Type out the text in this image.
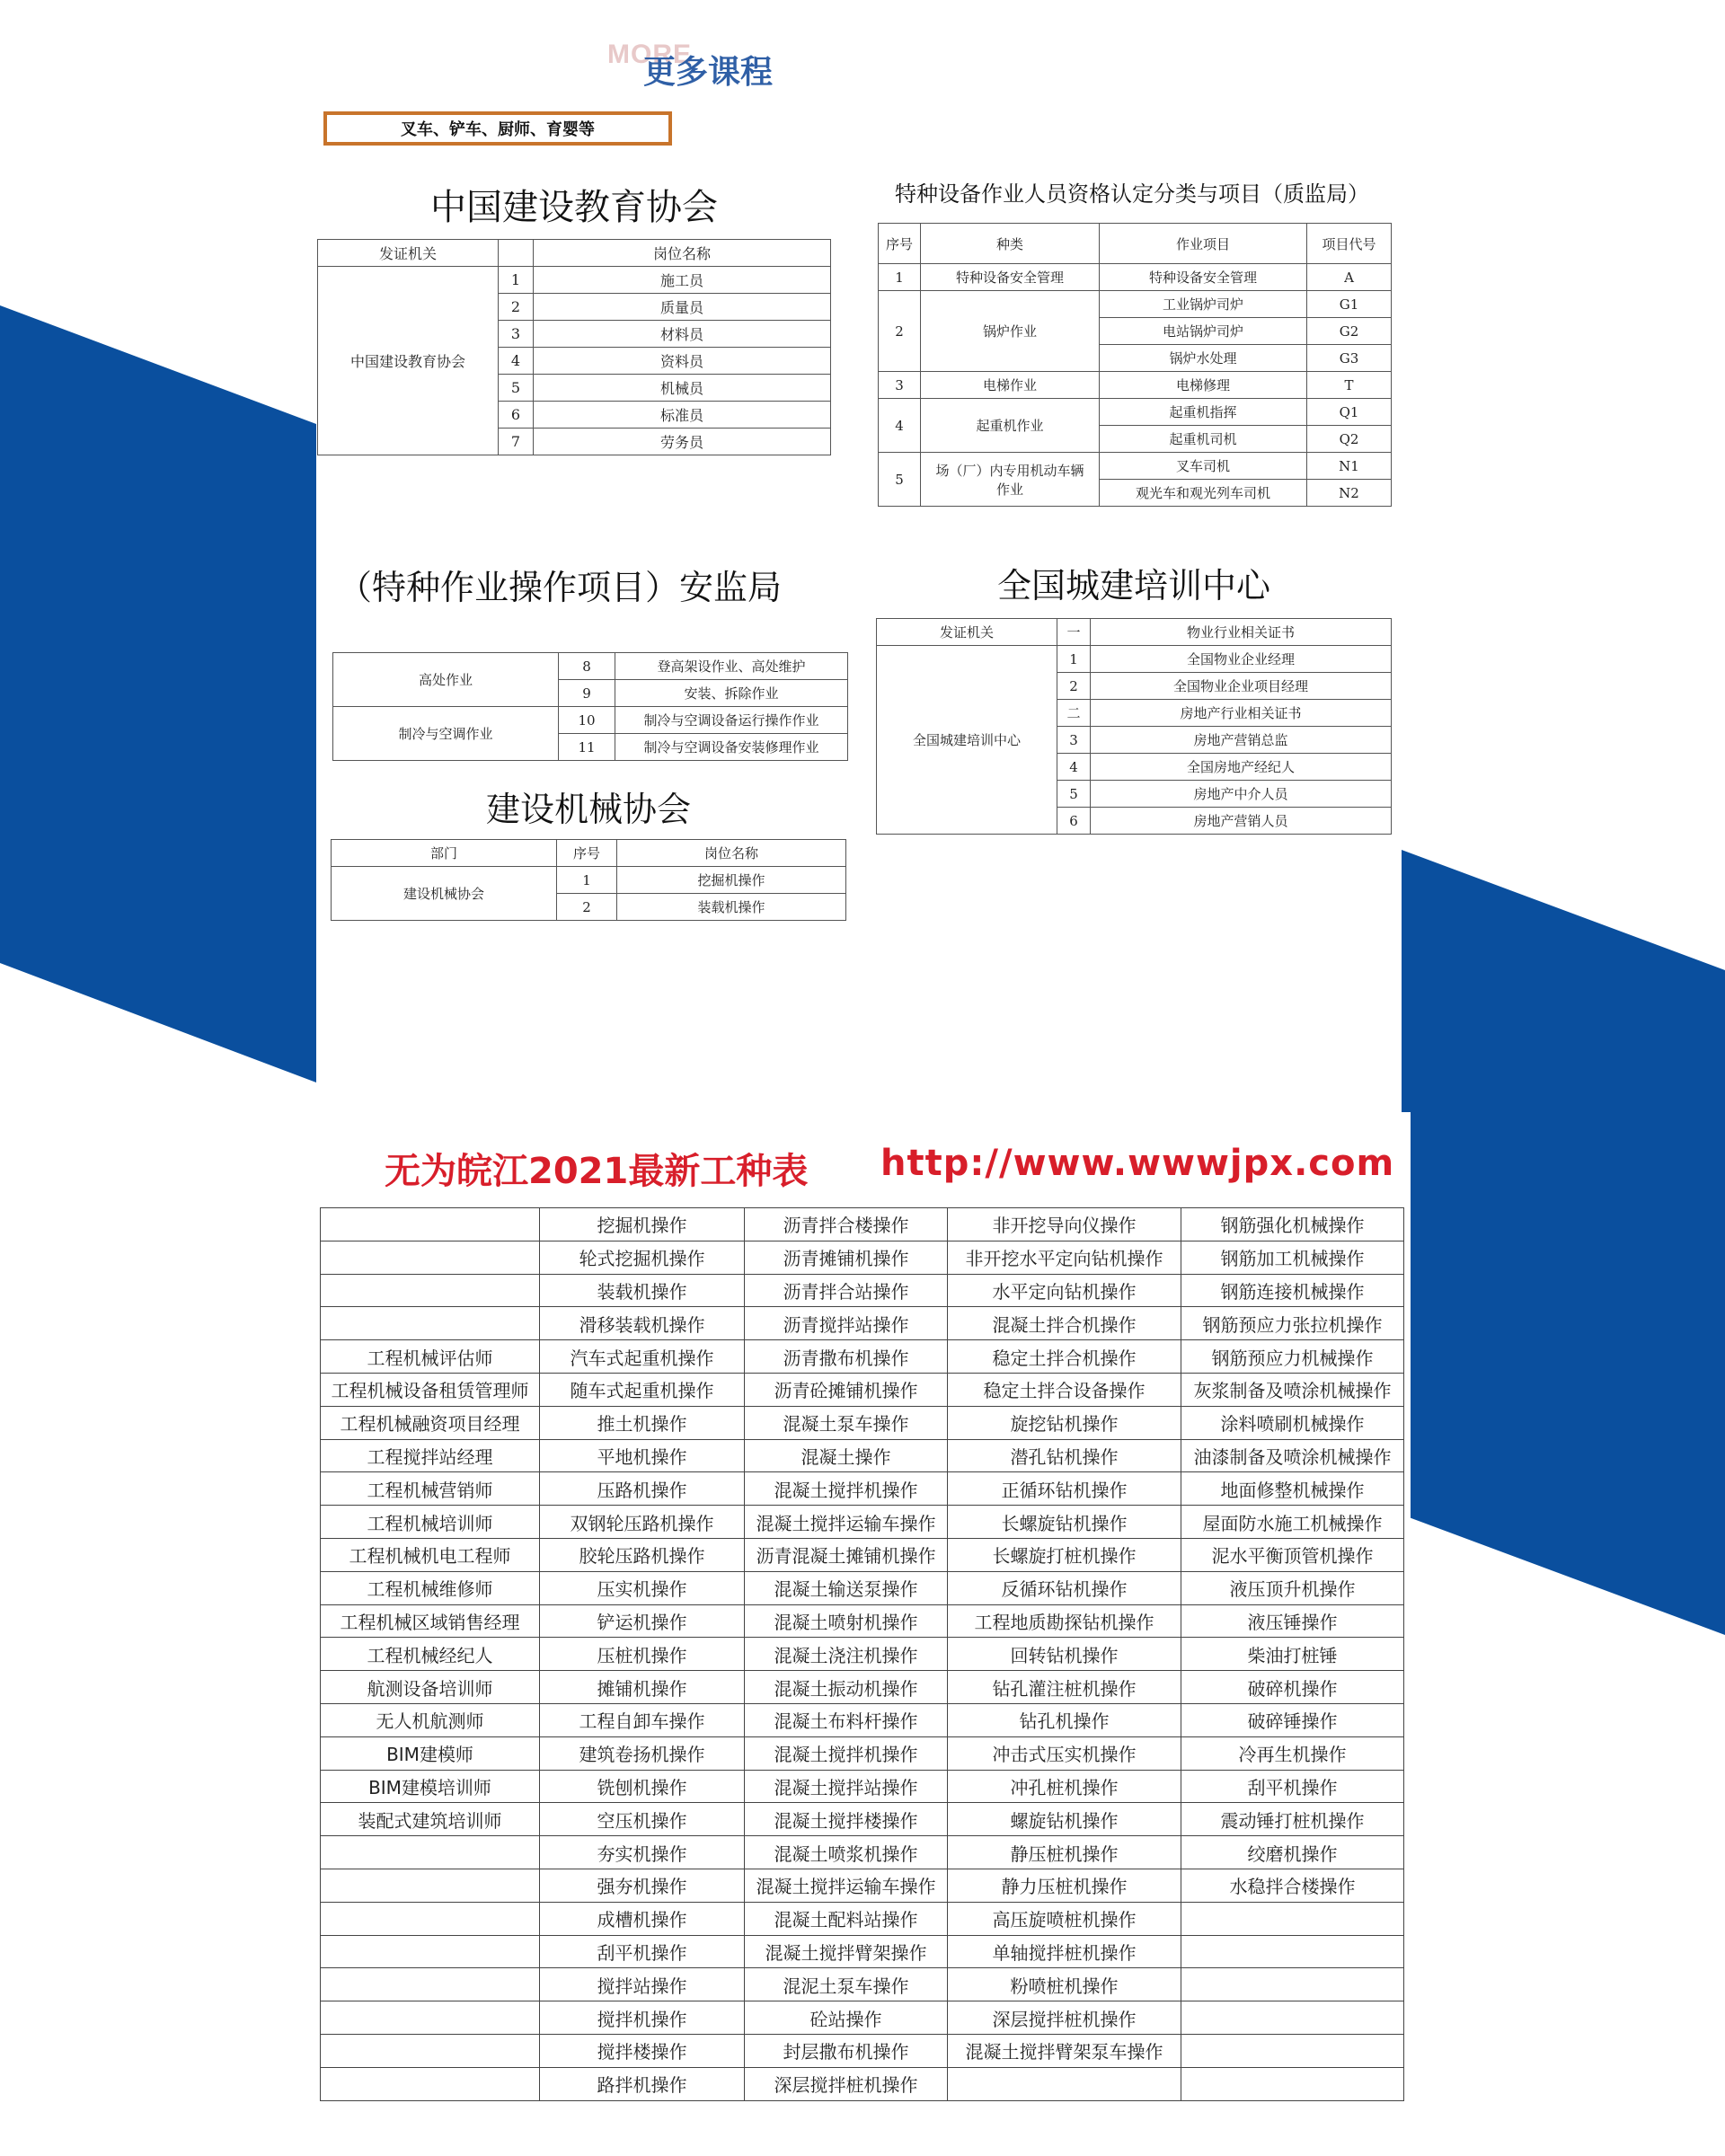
MORE
更多课程
叉车、铲车、厨师、育婴等
中国建设教育协会
发证机关		岗位名称
中国建设教育协会	1	施工员
	2	质量员
	3	材料员
	4	资料员
	5	机械员
	6	标准员
	7	劳务员
特种设备作业人员资格认定分类与项目（质监局）
序号	种类	作业项目	项目代号
1	特种设备安全管理	特种设备安全管理	A
2	锅炉作业	工业锅炉司炉	G1
		电站锅炉司炉	G2
		锅炉水处理	G3
3	电梯作业	电梯修理	T
4	起重机作业	起重机指挥	Q1
		起重机司机	Q2
5	场（厂）内专用机动车辆作业	叉车司机	N1
		观光车和观光列车司机	N2
（特种作业操作项目）安监局
高处作业	8	登高架设作业、高处维护
	9	安装、拆除作业
制冷与空调作业	10	制冷与空调设备运行操作作业
	11	制冷与空调设备安装修理作业
建设机械协会
部门	序号	岗位名称
建设机械协会	1	挖掘机操作
	2	装载机操作
全国城建培训中心
发证机关	一	物业行业相关证书
全国城建培训中心	1	全国物业企业经理
	2	全国物业企业项目经理
	二	房地产行业相关证书
	3	房地产营销总监
	4	全国房地产经纪人
	5	房地产中介人员
	6	房地产营销人员
无为皖江2021最新工种表 http://www.wwwjpx.com
	挖掘机操作	沥青拌合楼操作	非开挖导向仪操作	钢筋强化机械操作
	轮式挖掘机操作	沥青摊铺机操作	非开挖水平定向钻机操作	钢筋加工机械操作
	装载机操作	沥青拌合站操作	水平定向钻机操作	钢筋连接机械操作
	滑移装载机操作	沥青搅拌站操作	混凝土拌合机操作	钢筋预应力张拉机操作
工程机械评估师	汽车式起重机操作	沥青撒布机操作	稳定土拌合机操作	钢筋预应力机械操作
工程机械设备租赁管理师	随车式起重机操作	沥青砼摊铺机操作	稳定土拌合设备操作	灰浆制备及喷涂机械操作
工程机械融资项目经理	推土机操作	混凝土泵车操作	旋挖钻机操作	涂料喷刷机械操作
工程搅拌站经理	平地机操作	混凝土操作	潜孔钻机操作	油漆制备及喷涂机械操作
工程机械营销师	压路机操作	混凝土搅拌机操作	正循环钻机操作	地面修整机械操作
工程机械培训师	双钢轮压路机操作	混凝土搅拌运输车操作	长螺旋钻机操作	屋面防水施工机械操作
工程机械机电工程师	胶轮压路机操作	沥青混凝土摊铺机操作	长螺旋打桩机操作	泥水平衡顶管机操作
工程机械维修师	压实机操作	混凝土输送泵操作	反循环钻机操作	液压顶升机操作
工程机械区域销售经理	铲运机操作	混凝土喷射机操作	工程地质勘探钻机操作	液压锤操作
工程机械经纪人	压桩机操作	混凝土浇注机操作	回转钻机操作	柴油打桩锤
航测设备培训师	摊铺机操作	混凝土振动机操作	钻孔灌注桩机操作	破碎机操作
无人机航测师	工程自卸车操作	混凝土布料杆操作	钻孔机操作	破碎锤操作
BIM建模师	建筑卷扬机操作	混凝土搅拌机操作	冲击式压实机操作	冷再生机操作
BIM建模培训师	铣刨机操作	混凝土搅拌站操作	冲孔桩机操作	刮平机操作
装配式建筑培训师	空压机操作	混凝土搅拌楼操作	螺旋钻机操作	震动锤打桩机操作
	夯实机操作	混凝土喷浆机操作	静压桩机操作	绞磨机操作
	强夯机操作	混凝土搅拌运输车操作	静力压桩机操作	水稳拌合楼操作
	成槽机操作	混凝土配料站操作	高压旋喷桩机操作	
	刮平机操作	混凝土搅拌臂架操作	单轴搅拌桩机操作	
	搅拌站操作	混泥土泵车操作	粉喷桩机操作	
	搅拌机操作	砼站操作	深层搅拌桩机操作	
	搅拌楼操作	封层撒布机操作	混凝土搅拌臂架泵车操作	
	路拌机操作	深层搅拌桩机操作		
